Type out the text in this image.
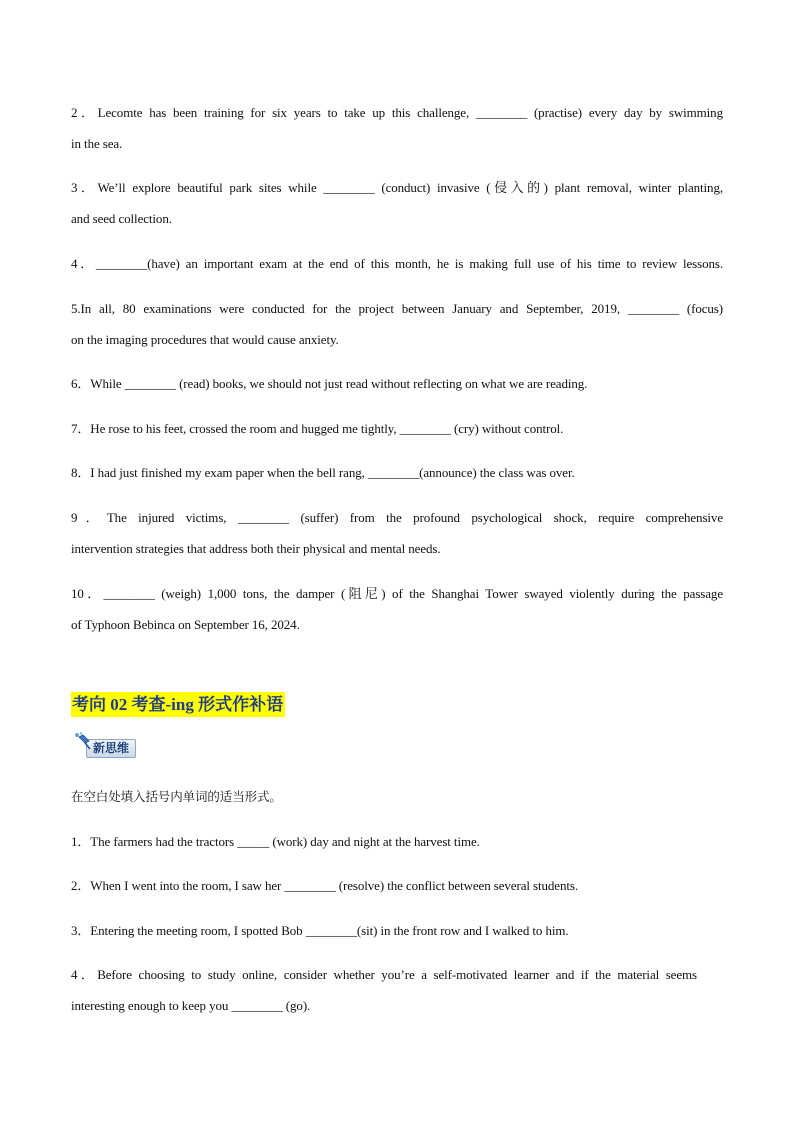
2．Lecomte has been training for six years to take up this challenge, ________ (practise) every day by swimming
in the sea.
3．We’ll explore beautiful park sites while ________ (conduct) invasive (侵入的) plant removal, winter planting,
and seed collection.
4．________(have) an important exam at the end of this month, he is making full use of his time to review lessons.
5.In all, 80 examinations were conducted for the project between January and September, 2019, ________ (focus)
on the imaging procedures that would cause anxiety.
6．While ________ (read) books, we should not just read without reflecting on what we are reading.
7．He rose to his feet, crossed the room and hugged me tightly, ________ (cry) without control.
8．I had just finished my exam paper when the bell rang, ________(announce) the class was over.
9．The injured victims, ________ (suffer) from the profound psychological shock, require comprehensive
intervention strategies that address both their physical and mental needs.
10．________ (weigh) 1,000 tons, the damper (阻尼) of the Shanghai Tower swayed violently during the passage
of Typhoon Bebinca on September 16, 2024.
考向 02 考查-ing 形式作补语
新思维
在空白处填入括号内单词的适当形式。
1．The farmers had the tractors _____ (work) day and night at the harvest time.
2．When I went into the room, I saw her ________ (resolve) the conflict between several students.
3．Entering the meeting room, I spotted Bob ________(sit) in the front row and I walked to him.
4．Before choosing to study online, consider whether you’re a self-motivated learner and if the material seems
interesting enough to keep you ________ (go).
